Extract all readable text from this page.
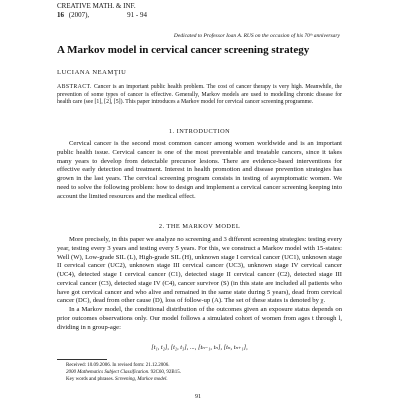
CREATIVE MATH. & INF.
16 (2007),	91 - 94
Dedicated to Professor Ioan A. RUS on the occasion of his 70ᵗʰ anniversary
A Markov model in cervical cancer screening strategy
LUCIANA NEAMŢIU
ABSTRACT. Cancer is an important public health problem. The cost of cancer therapy is very high. Meanwhile, the prevention of some types of cancer is effective. Generally, Markov models are used to modelling chronic disease for health care (see [1], [2], [5]). This paper introduces a Markov model for cervical cancer screening programme.
1. INTRODUCTION

Cervical cancer is the second most common cancer among women worldwide and is an important public health issue. Cervical cancer is one of the most preventable and treatable cancers, since it takes many years to develop from detectable precursor lesions. There are evidence-based interventions for effective early detection and treatment. Interest in health promotion and disease prevention strategies has grown in the last years. The cervical screening program consists in testing of asymptomatic women. We need to solve the following problem: how to design and implement a cervical cancer screening keeping into account the limited resources and the medical effect.

2. THE MARKOV MODEL

More precisely, in this paper we analyze no screening and 3 different screening strategies: testing every year, testing every 3 years and testing every 5 years. For this, we construct a Markov model with 15-states: Well (W), Low-grade SIL (L), High-grade SIL (H), unknown stage I cervical cancer (UC1), unknown stage II cervical cancer (UC2), unknown stage III cervical cancer (UC3), unknown stage IV cervical cancer (UC4), detected stage I cervical cancer (C1), detected stage II cervical cancer (C2), detected stage III cervical cancer (C3), detected stage IV (C4), cancer survivor (S) (in this state are included all patients who have got cervical cancer and who alive and remained in the same state during 5 years), dead from cervical cancer (DC), dead from other cause (D), loss of follow-up (A). The set of these states is denoted by χ.

In a Markov model, the conditional distribution of the outcomes given an exposure status depends on prior outcomes observations only. Our model follows a simulated cohort of women from ages t through l, dividing in n group-age:

[t₁, t₂], [t₂, t₃], ..., [tₙ₋₁, tₙ], [tₙ, tₙ₊₁],
Received: 10.09.2006. In revised form: 21.12.2006.
2000 Mathematics Subject Classification. 92C60, 92B15.
Key words and phrases. Screening, Markov model.
91
